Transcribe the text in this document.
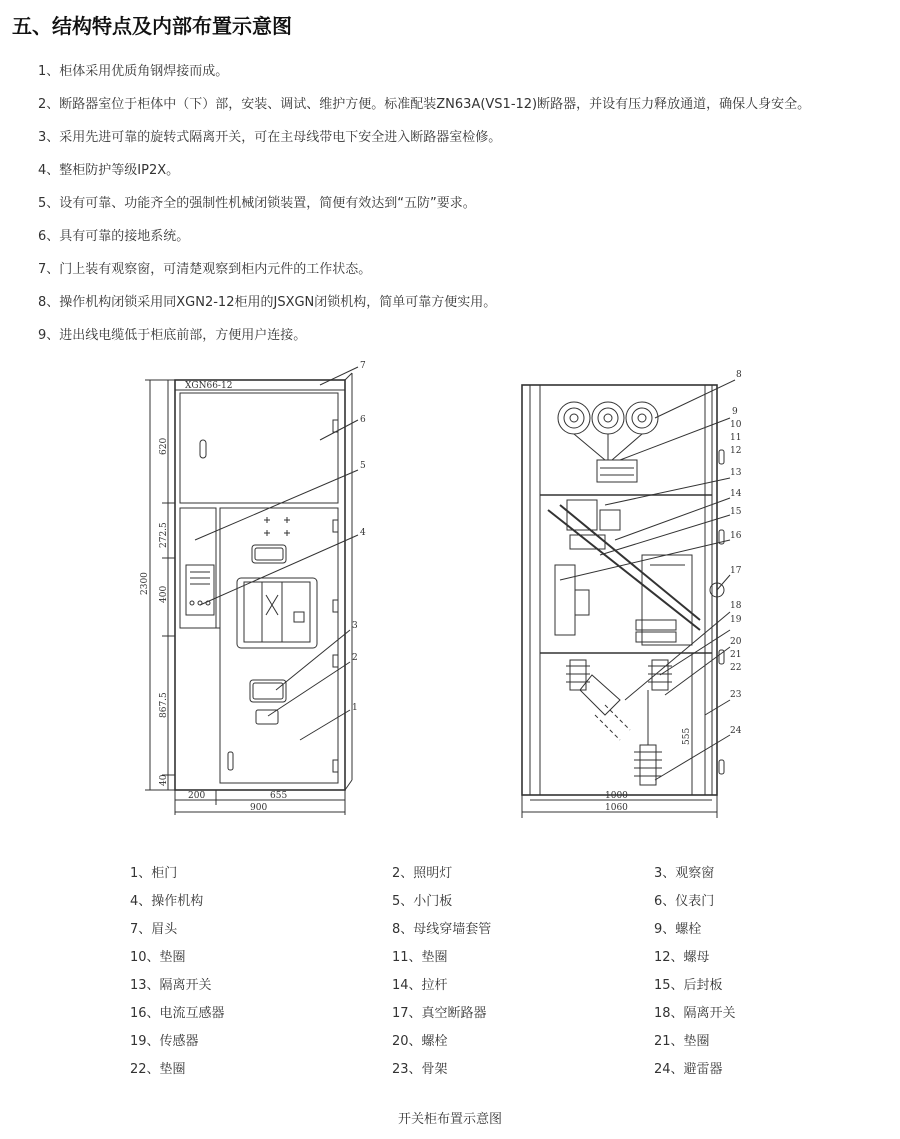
五、结构特点及内部布置示意图
1、柜体采用优质角钢焊接而成。
2、断路器室位于柜体中（下）部，安装、调试、维护方便。标准配装ZN63A(VS1-12)断路器，并设有压力释放通道，确保人身安全。
3、采用先进可靠的旋转式隔离开关，可在主母线带电下安全进入断路器室检修。
4、整柜防护等级IP2X。
5、设有可靠、功能齐全的强制性机械闭锁装置，简便有效达到“五防”要求。
6、具有可靠的接地系统。
7、门上装有观察窗，可清楚观察到柜内元件的工作状态。
8、操作机构闭锁采用同XGN2-12柜用的JSXGN闭锁机构，简单可靠方便实用。
9、进出线电缆低于柜底前部，方便用户连接。
XGN66-12
2300
620
272.5
400
867.5
40
200	655
900
7
6
5
4
3
2
1
8
9
10
11
12
13
14
15
16
17
18
19
20
21
22
23
24
555
1000
1060
1、柜门	2、照明灯	3、观察窗
4、操作机构	5、小门板	6、仪表门
7、眉头	8、母线穿墙套管	9、螺栓
10、垫圈	11、垫圈	12、螺母
13、隔离开关	14、拉杆	15、后封板
16、电流互感器	17、真空断路器	18、隔离开关
19、传感器	20、螺栓	21、垫圈
22、垫圈	23、骨架	24、避雷器
开关柜布置示意图
